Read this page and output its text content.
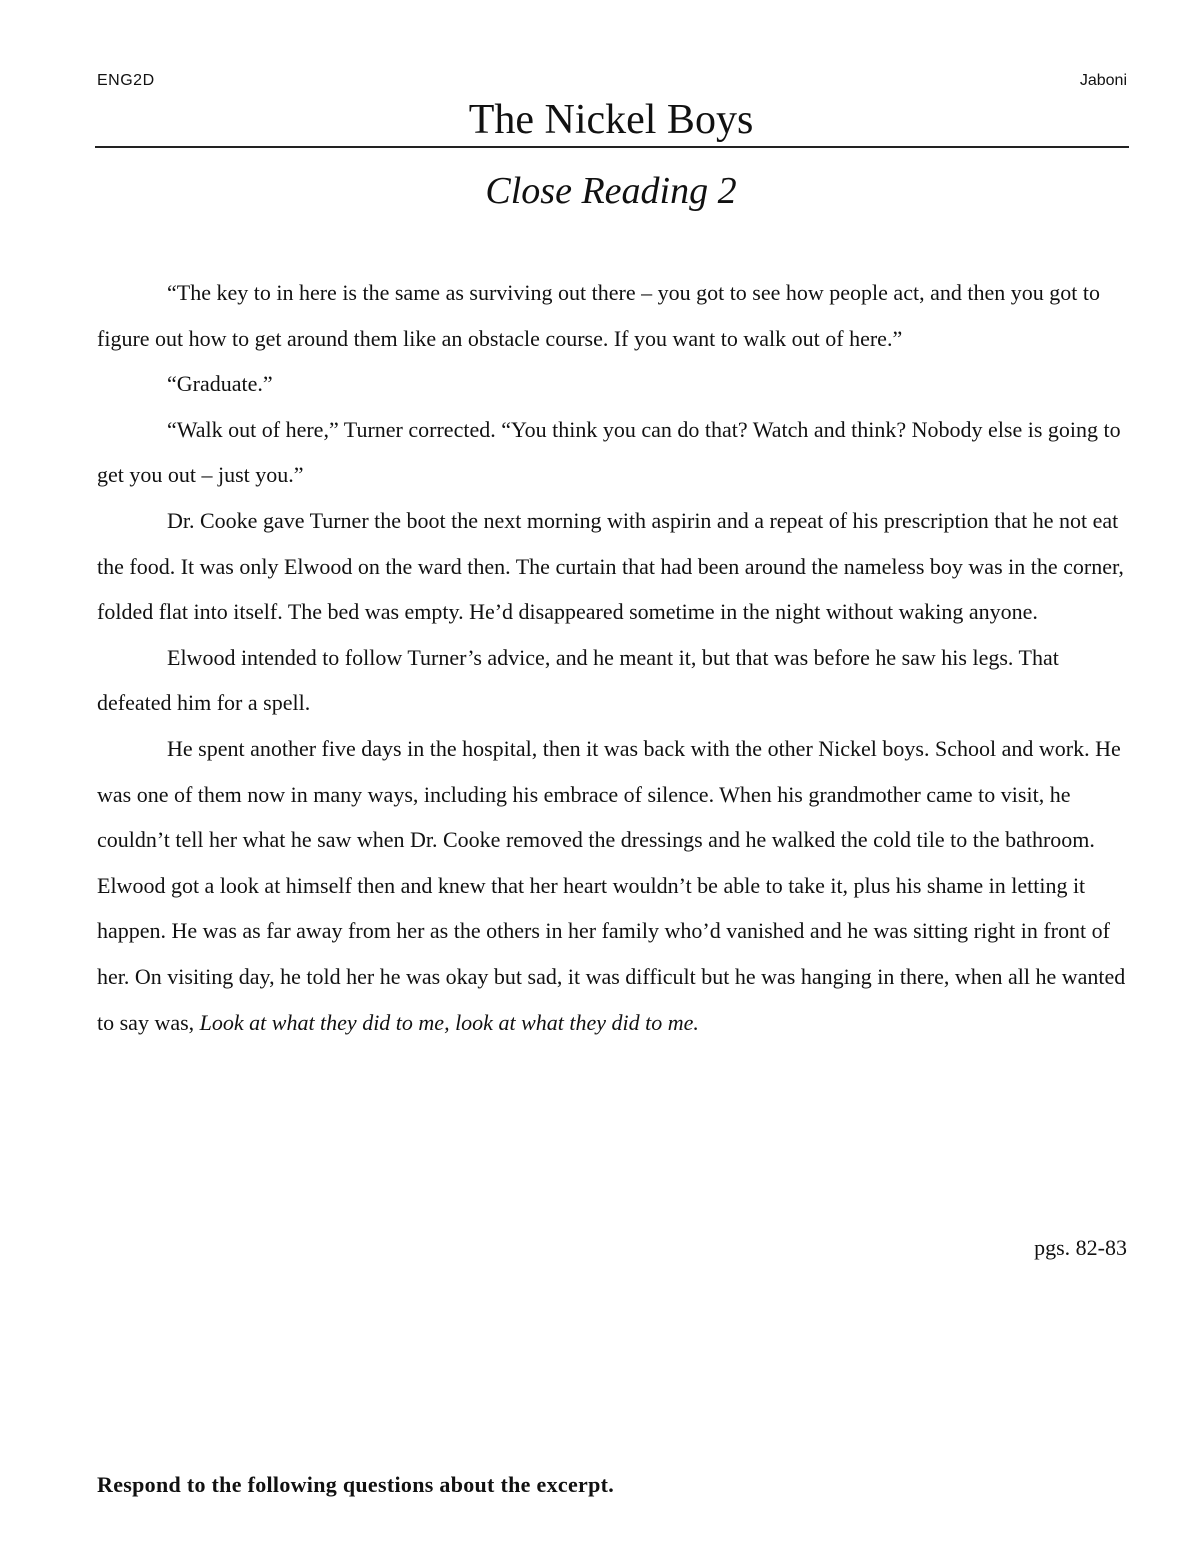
ENG2D	Jaboni
The Nickel Boys
Close Reading 2

“The key to in here is the same as surviving out there – you got to see how people act, and then you got to figure out how to get around them like an obstacle course. If you want to walk out of here.”

“Graduate.”

“Walk out of here,” Turner corrected. “You think you can do that? Watch and think? Nobody else is going to get you out – just you.”

Dr. Cooke gave Turner the boot the next morning with aspirin and a repeat of his prescription that he not eat the food. It was only Elwood on the ward then. The curtain that had been around the nameless boy was in the corner, folded flat into itself. The bed was empty. He’d disappeared sometime in the night without waking anyone.

Elwood intended to follow Turner’s advice, and he meant it, but that was before he saw his legs. That defeated him for a spell.

He spent another five days in the hospital, then it was back with the other Nickel boys. School and work. He was one of them now in many ways, including his embrace of silence. When his grandmother came to visit, he couldn’t tell her what he saw when Dr. Cooke removed the dressings and he walked the cold tile to the bathroom. Elwood got a look at himself then and knew that her heart wouldn’t be able to take it, plus his shame in letting it happen. He was as far away from her as the others in her family who’d vanished and he was sitting right in front of her. On visiting day, he told her he was okay but sad, it was difficult but he was hanging in there, when all he wanted to say was, Look at what they did to me, look at what they did to me.

pgs. 82-83
Respond to the following questions about the excerpt.
